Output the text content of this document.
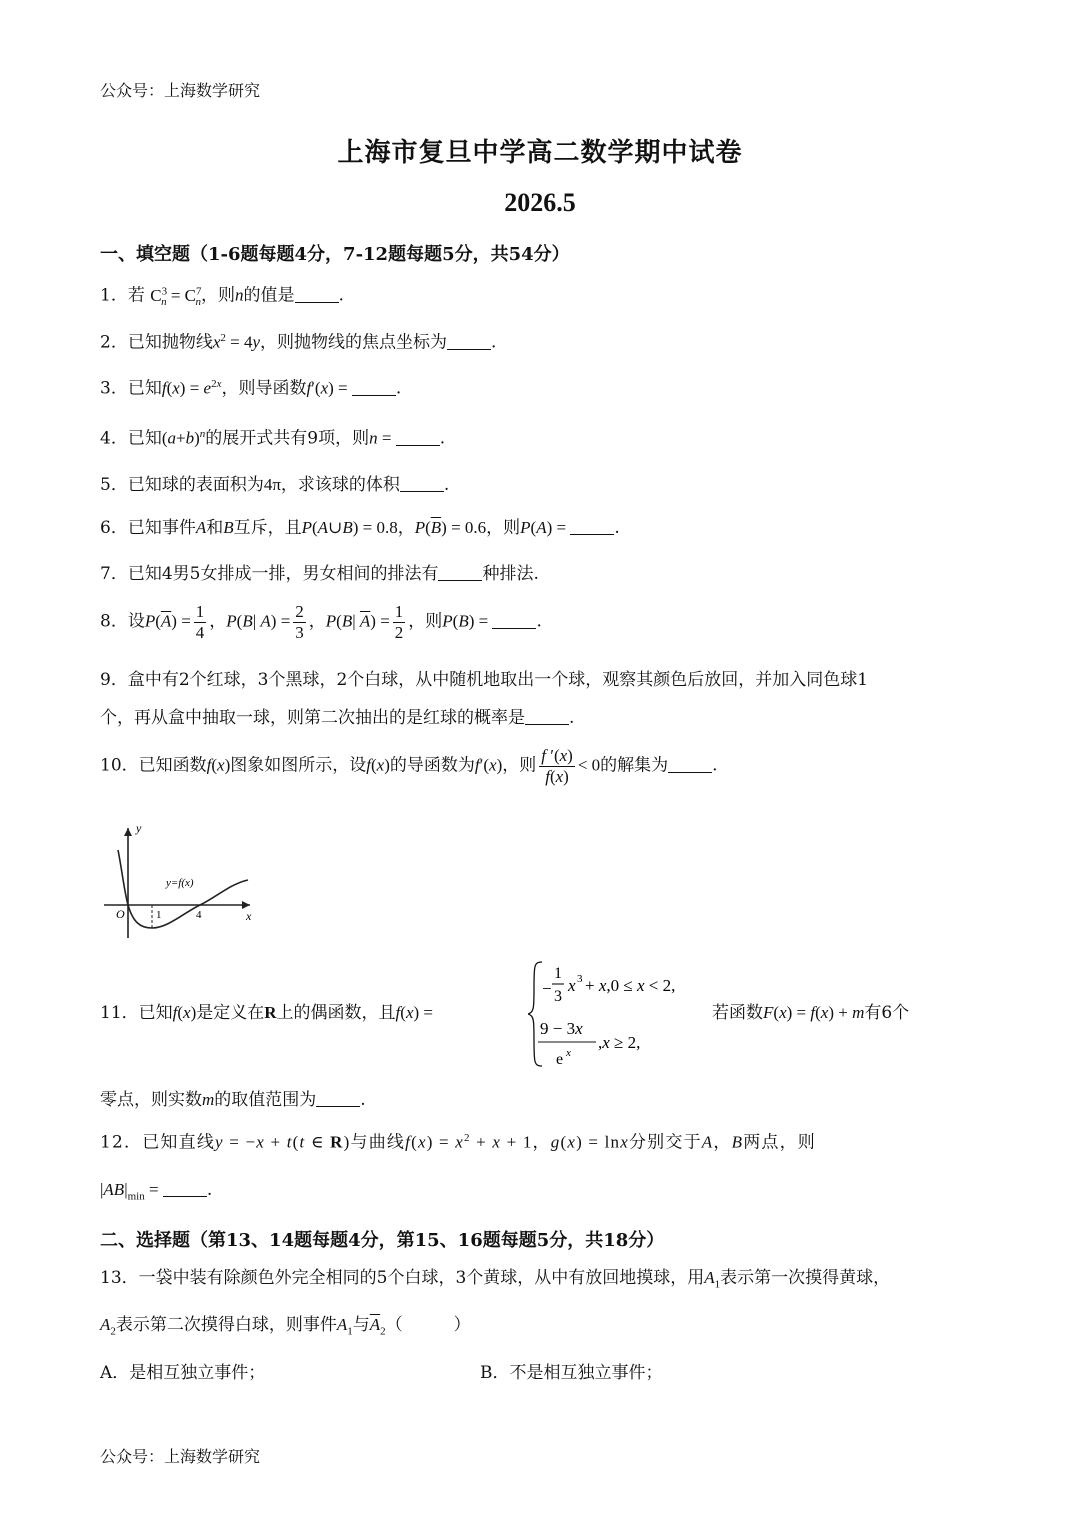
公众号：上海数学研究
上海市复旦中学高二数学期中试卷
2026.5
一、填空题（1-6题每题4分，7-12题每题5分，共54分）
1．若 $C^3_n = C^7_n$，则n的值是	.
2．已知抛物线$x^2 = 4y$，则抛物线的焦点坐标为	.
3．已知$f(x) = e^{2x}$，则导函数f′(x) =	.
4．已知$(a+b)^n$的展开式共有9项，则n =	.
5．已知球的表面积为4π，求该球的体积	.
6．已知事件A和B互斥，且P(A∪B) = 0.8，$P(\overline{B}) = 0.6$，则P(A) =	.
7．已知4男5女排成一排，男女相间的排法有	种排法.
8．设$P(\overline{A}) = \frac{1}{4}$ ，P(B| $A) = \frac{2}{3}$ ，P(B| $\overline{A}) = \frac{1}{2}$ ，则P(B) =	.
9．盒中有2个红球，3个黑球，2个白球，从中随机地取出一个球，观察其颜色后放回，并加入同色球1
个，再从盒中抽取一球，则第二次抽出的是红球的概率是	.
10．已知函数f(x)图象如图所示，设f(x)的导函数为f′(x)，则 $\frac{f '(x)}{f(x)} < 0$的解集为	.
y
x
O	1	4
y=f(x)
11．已知f(x)是定义在R上的偶函数，且f(x) =
−
1
3
x 3 + x,0 ≤ x < 2,
9 − 3x
e x
,x ≥ 2,
若函数F(x) = f(x) + m有6个
零点，则实数m的取值范围为	.
12．已知直线y = −x + t(t ∈ R)与曲线$f(x) = x^2 + x + 1$，g(x) = lnx分别交于A，B两点，则
$|AB|_{min}$ =	.
二、选择题（第13、14题每题4分，第15、16题每题5分，共18分）
13．一袋中装有除颜色外完全相同的5个白球，3个黄球，从中有放回地摸球，用$A_1$表示第一次摸得黄球，
$A_2$表示第二次摸得白球，则事件$A_1$与$\overline{A}_2$（　　　）
A．是相互独立事件；	B．不是相互独立事件；
公众号：上海数学研究
